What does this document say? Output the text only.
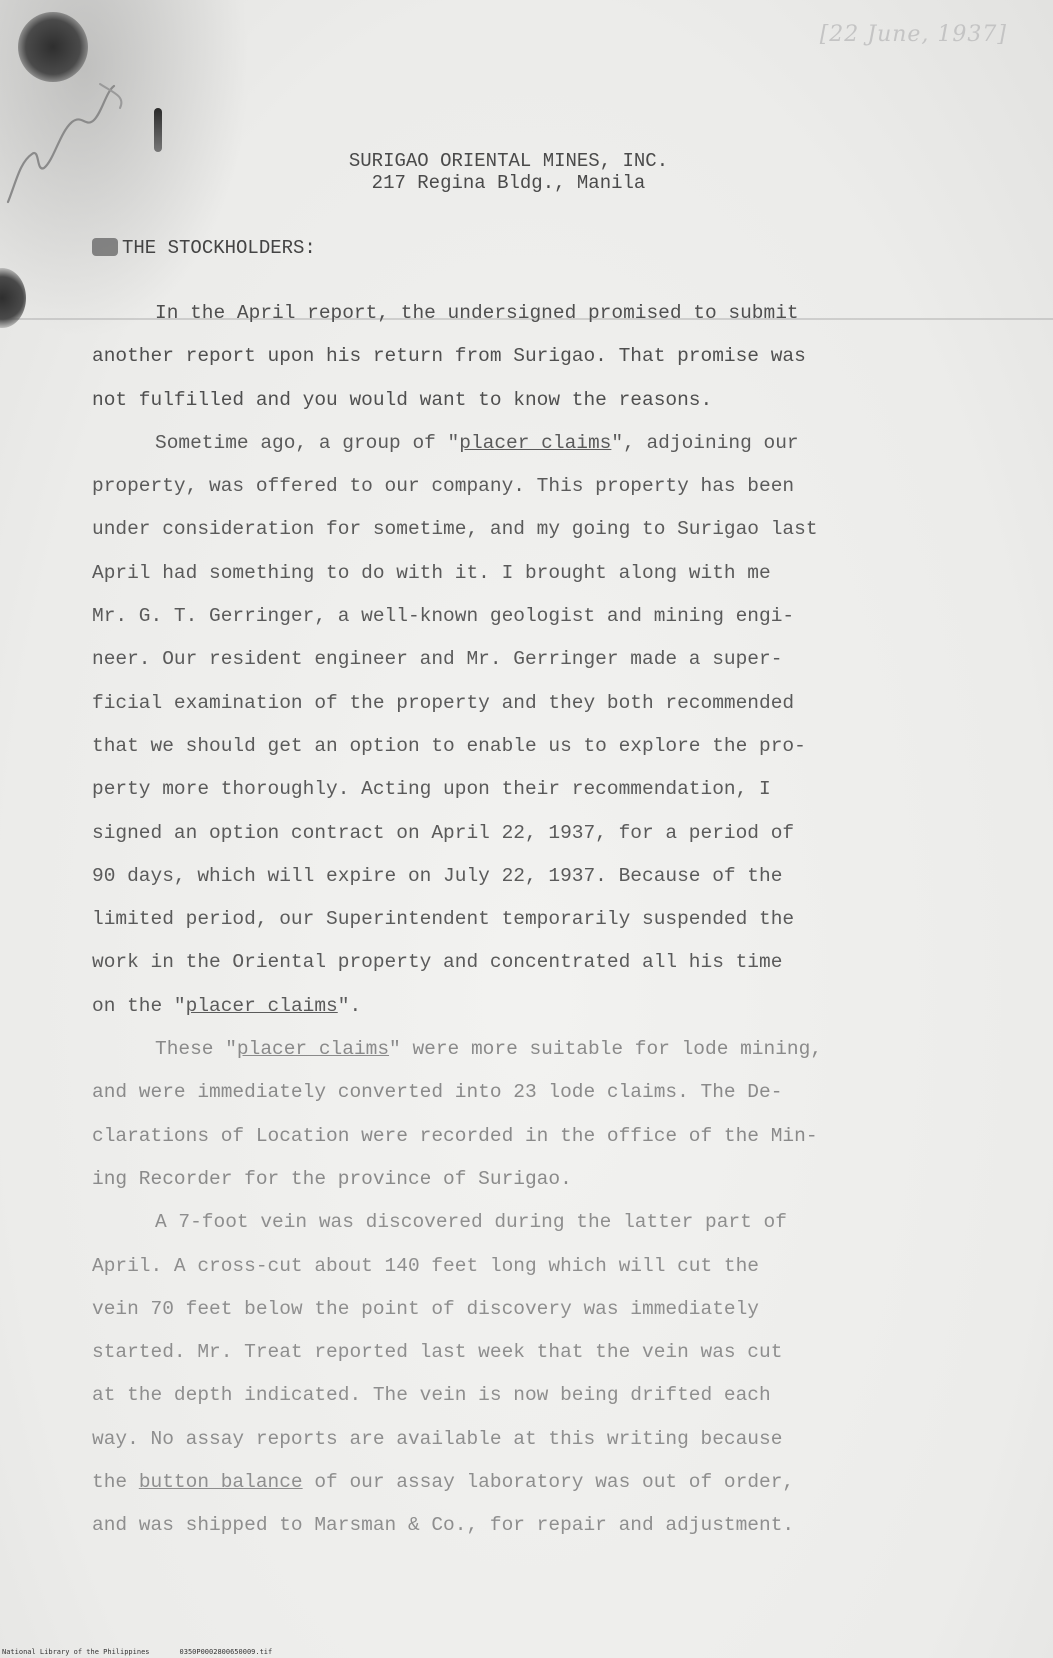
[22 June, 1937]
SURIGAO ORIENTAL MINES, INC.
217 Regina Bldg., Manila
THE STOCKHOLDERS:
In the April report, the undersigned promised to submit
another report upon his return from Surigao. That promise was
not fulfilled and you would want to know the reasons.
Sometime ago, a group of "placer claims", adjoining our
property, was offered to our company. This property has been
under consideration for sometime, and my going to Surigao last
April had something to do with it. I brought along with me
Mr. G. T. Gerringer, a well-known geologist and mining engi-
neer. Our resident engineer and Mr. Gerringer made a super-
ficial examination of the property and they both recommended
that we should get an option to enable us to explore the pro-
perty more thoroughly. Acting upon their recommendation, I
signed an option contract on April 22, 1937, for a period of
90 days, which will expire on July 22, 1937. Because of the
limited period, our Superintendent temporarily suspended the
work in the Oriental property and concentrated all his time
on the "placer claims".
These "placer claims" were more suitable for lode mining,
and were immediately converted into 23 lode claims. The De-
clarations of Location were recorded in the office of the Min-
ing Recorder for the province of Surigao.
A 7-foot vein was discovered during the latter part of
April. A cross-cut about 140 feet long which will cut the
vein 70 feet below the point of discovery was immediately
started. Mr. Treat reported last week that the vein was cut
at the depth indicated. The vein is now being drifted each
way. No assay reports are available at this writing because
the button balance of our assay laboratory was out of order,
and was shipped to Marsman & Co., for repair and adjustment.
National Library of the Philippines	0350P0002800650009.tif
